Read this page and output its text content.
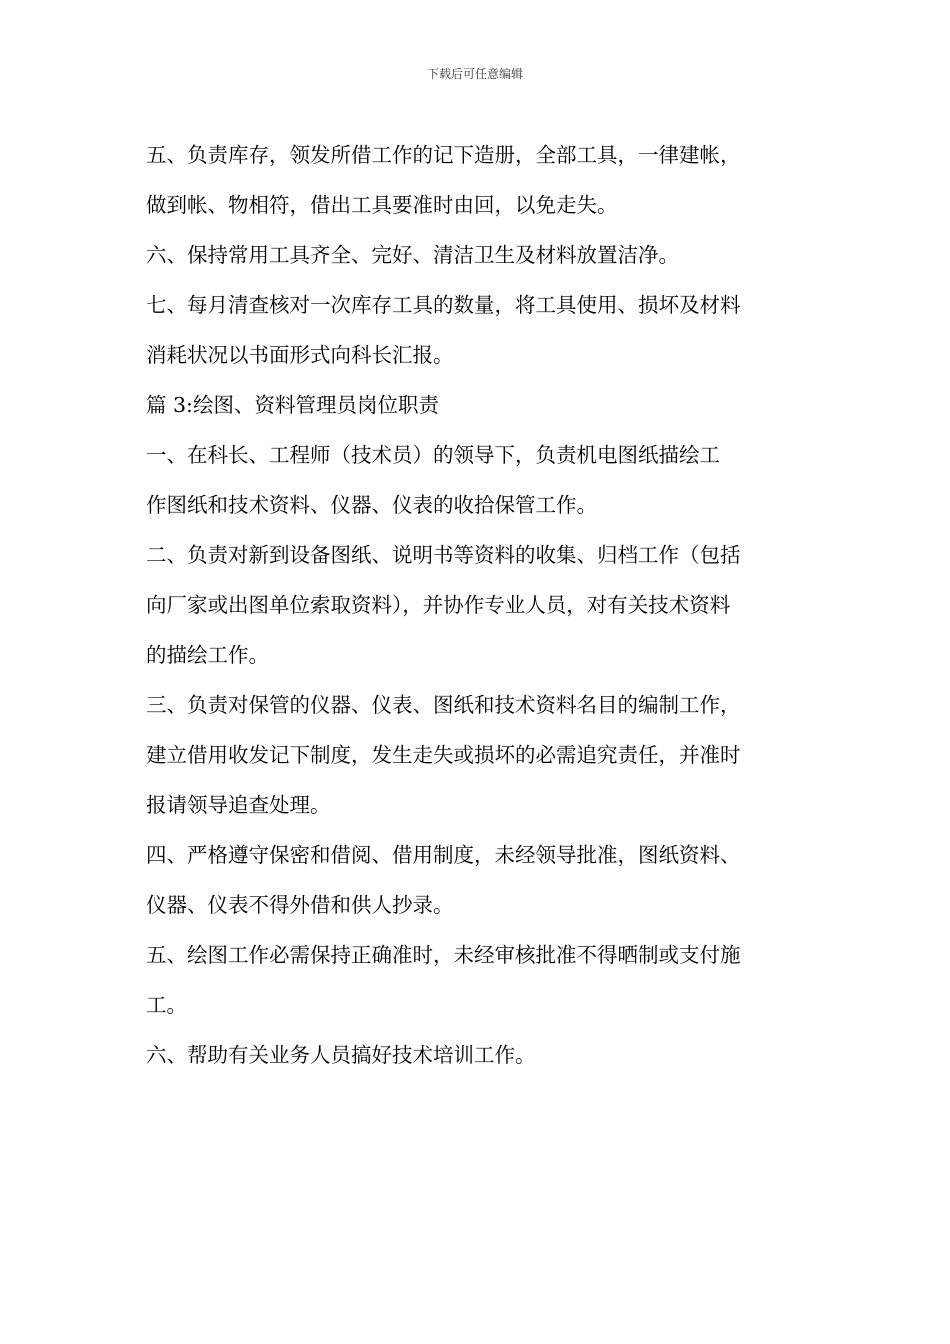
下载后可任意编辑
五、负责库存，领发所借工作的记下造册，全部工具，一律建帐，
做到帐、物相符，借出工具要准时由回，以免走失。
六、保持常用工具齐全、完好、清洁卫生及材料放置洁净。
七、每月清查核对一次库存工具的数量，将工具使用、损坏及材料
消耗状况以书面形式向科长汇报。
篇 3:绘图、资料管理员岗位职责
一、在科长、工程师（技术员）的领导下，负责机电图纸描绘工
作图纸和技术资料、仪器、仪表的收拾保管工作。
二、负责对新到设备图纸、说明书等资料的收集、归档工作（包括
向厂家或出图单位索取资料），并协作专业人员，对有关技术资料
的描绘工作。
三、负责对保管的仪器、仪表、图纸和技术资料名目的编制工作，
建立借用收发记下制度，发生走失或损坏的必需追究责任，并准时
报请领导追查处理。
四、严格遵守保密和借阅、借用制度，未经领导批准，图纸资料、
仪器、仪表不得外借和供人抄录。
五、绘图工作必需保持正确准时，未经审核批准不得晒制或支付施
工。
六、帮助有关业务人员搞好技术培训工作。
